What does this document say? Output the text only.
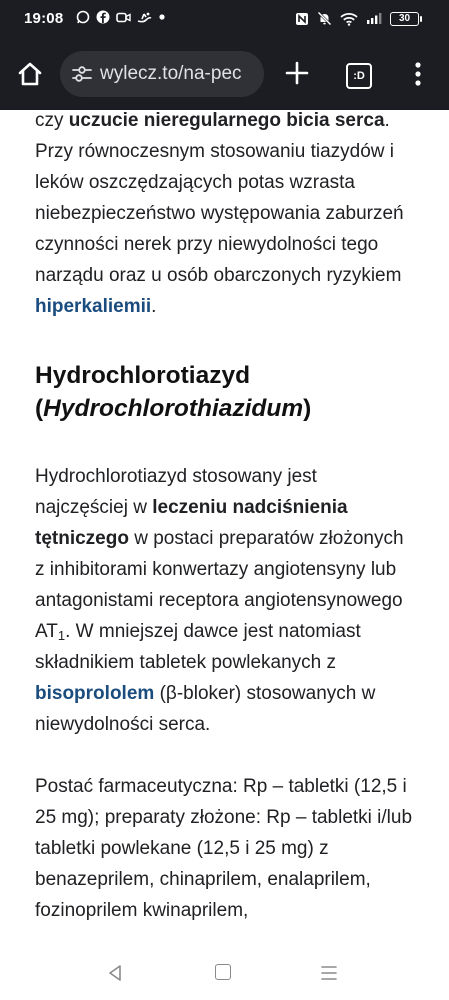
19:08	30
wylecz.to/na-pec	:D

czy uczucie nieregularnego bicia serca. Przy równoczesnym stosowaniu tiazydów i leków oszczędzających potas wzrasta niebezpieczeństwo występowania zaburzeń czynności nerek przy niewydolności tego narządu oraz u osób obarczonych ryzykiem hiperkaliemii.

Hydrochlorotiazyd
(Hydrochlorothiazidum)

Hydrochlorotiazyd stosowany jest najczęściej w leczeniu nadciśnienia tętniczego w postaci preparatów złożonych z inhibitorami konwertazy angiotensyny lub antagonistami receptora angiotensynowego $AT_1$. W mniejszej dawce jest natomiast składnikiem tabletek powlekanych z bisoprololem (β-bloker) stosowanych w niewydolności serca.

Postać farmaceutyczna: Rp – tabletki (12,5 i 25 mg); preparaty złożone: Rp – tabletki i/lub tabletki powlekane (12,5 i 25 mg) z benazeprilem, chinaprilem, enalaprilem, fozinoprilem kwinaprilem,
